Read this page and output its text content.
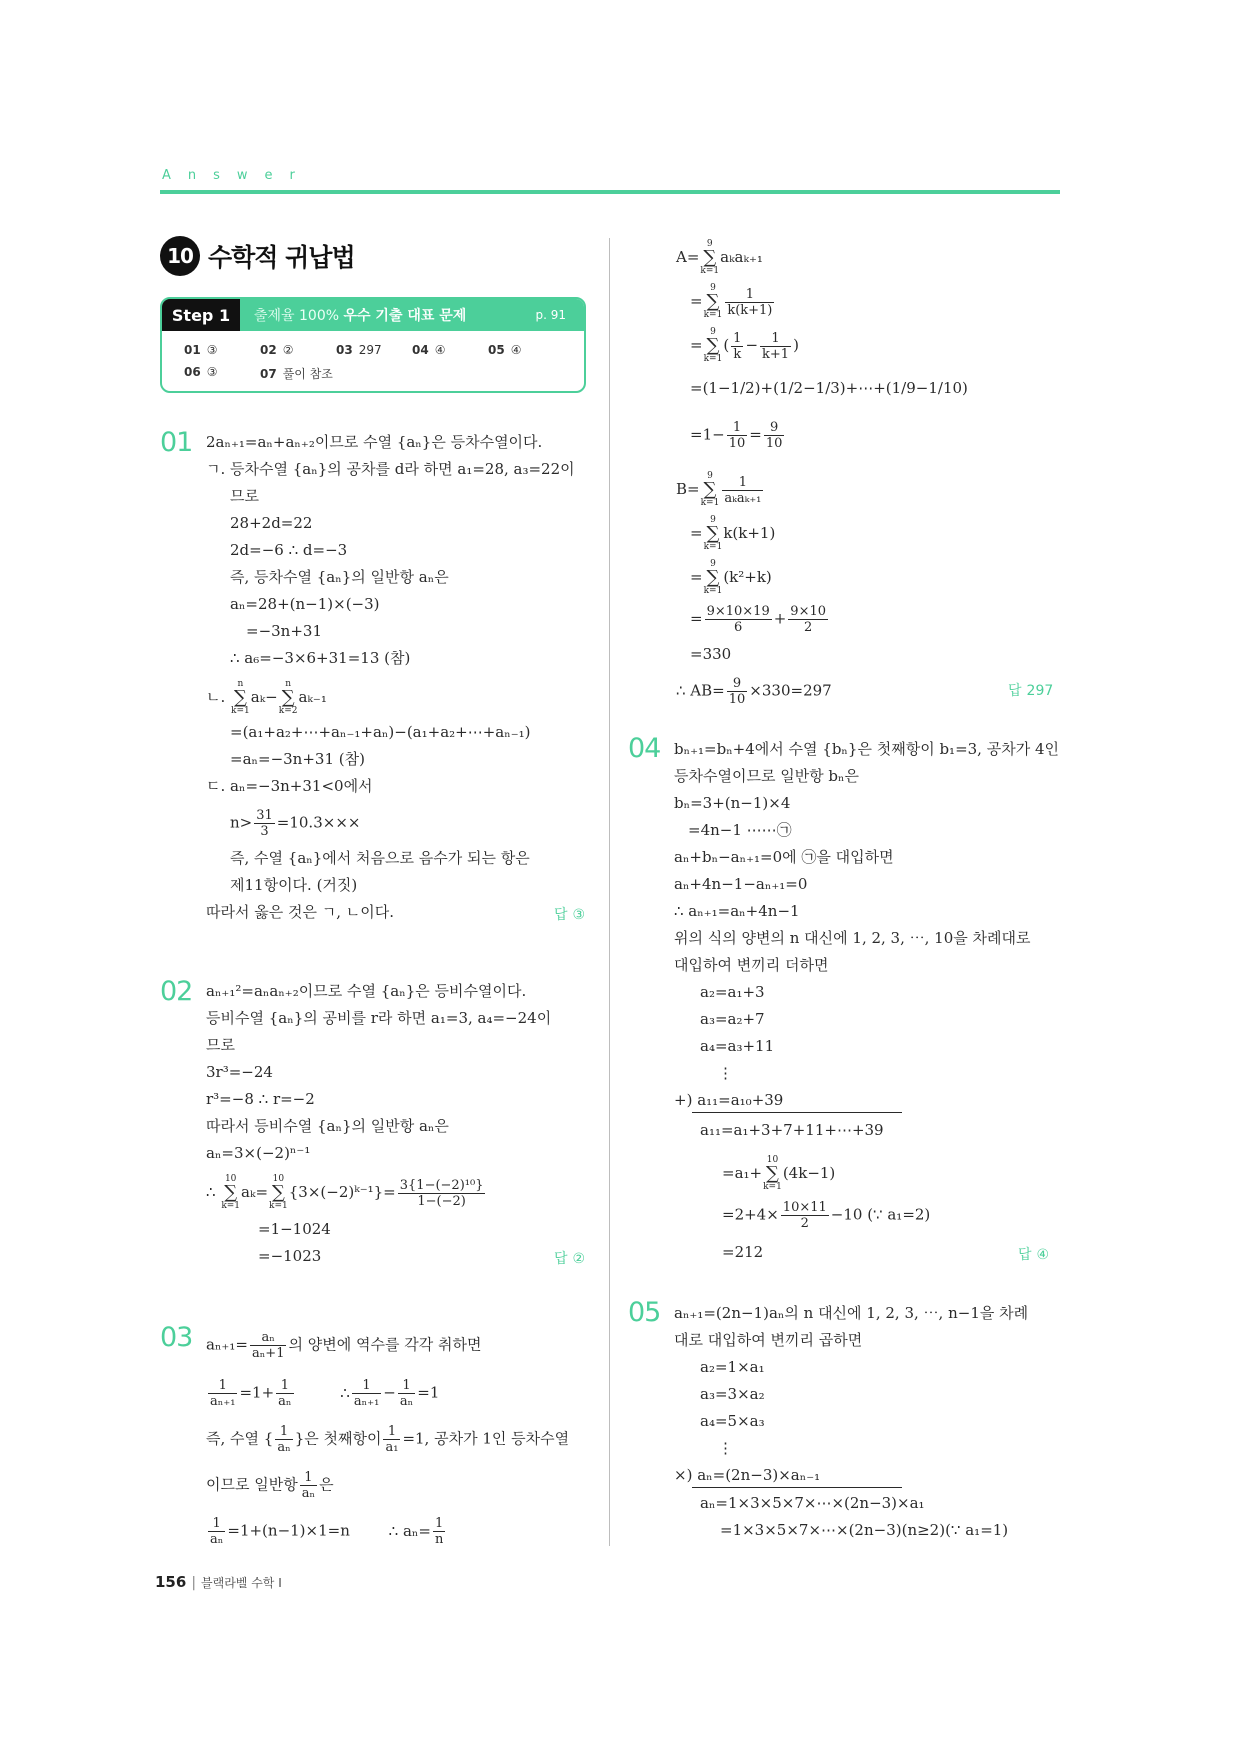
Answer
10 수학적 귀납법
Step 1	출제율 100% 우수 기출 대표 문제	p. 91
01 ③	02 ②	03 297	04 ④	05 ④
06 ③	07 풀이 참조
01 2aₙ₊₁=aₙ+aₙ₊₂이므로 수열 {aₙ}은 등차수열이다.
ㄱ. 등차수열 {aₙ}의 공차를 d라 하면 a₁=28, a₃=22이
므로
28+2d=22
2d=−6 ∴ d=−3
즉, 등차수열 {aₙ}의 일반항 aₙ은
aₙ=28+(n−1)×(−3)
=−3n+31
∴ a₆=−3×6+31=13 (참)
ㄴ.
n
∑
k=1
aₖ−
n
∑
k=2
aₖ₋₁
=(a₁+a₂+⋯+aₙ₋₁+aₙ)−(a₁+a₂+⋯+aₙ₋₁)
=aₙ=−3n+31 (참)
ㄷ. aₙ=−3n+31<0에서
$n> \frac{31}{3} =10.3\times\times\times$
즉, 수열 {aₙ}에서 처음으로 음수가 되는 항은
제11항이다. (거짓)
따라서 옳은 것은 ㄱ, ㄴ이다.	답 ③
02 aₙ₊₁²=aₙaₙ₊₂이므로 수열 {aₙ}은 등비수열이다.
등비수열 {aₙ}의 공비를 r라 하면 a₁=3, a₄=−24이
므로
3r³=−24
r³=−8 ∴ r=−2
따라서 등비수열 {aₙ}의 일반항 aₙ은
aₙ=3×(−2)ⁿ⁻¹
∴
10
∑
k=1
aₖ=
10
∑
k=1
{3×(−2)ᵏ⁻¹}= $\frac{\text{3\{1−(−2)¹⁰\}}}{1-(-2)}$
=1−1024
=−1023	답 ②
03 $a_{n+1}= \frac{\text{aₙ}}{\text{aₙ+1}}$ 의 양변에 역수를 각각 취하면
$\frac{1}{\text{aₙ₊₁}} =1+ \frac{1}{\text{aₙ}}$	∴ $\frac{1}{\text{aₙ₊₁}} - \frac{1}{\text{aₙ}} =1$
즉, 수열 { $\frac{1}{\text{aₙ}}$ }은 첫째항이 $\frac{1}{\text{a₁}} =1$, 공차가 1인 등차수열
이므로 일반항 $\frac{1}{\text{aₙ}}$ 은
$\frac{1}{\text{aₙ}} =1+(n-1)\times 1=n$	∴ $a_n= \frac{1}{n}$
A=
9
∑
k=1
aₖaₖ₊₁
=
9
∑
$k=1 \frac{1}{k(k+1)}$
=
9
∑
k=1
( $\frac{1}{k} - \frac{1}{k+1}$ )
=(1−1/2)+(1/2−1/3)+⋯+(1/9−1/10)
$=1- \frac{1}{10} = \frac{9}{10}$
B=
9
∑
$k=1 \frac{1}{\text{aₖaₖ₊₁}}$
=
9
∑
k=1
k(k+1)
=
9
∑
k=1
(k²+k)
= $\frac{9\times 10\times 19}{6} + \frac{9\times 10}{2}$
=330
∴ $AB= \frac{9}{10} \times 330=297$	답 297
04 bₙ₊₁=bₙ+4에서 수열 {bₙ}은 첫째항이 b₁=3, 공차가 4인
등차수열이므로 일반항 bₙ은
bₙ=3+(n−1)×4
=4n−1 ⋯⋯㉠
aₙ+bₙ−aₙ₊₁=0에 ㉠을 대입하면
aₙ+4n−1−aₙ₊₁=0
∴ aₙ₊₁=aₙ+4n−1
위의 식의 양변의 n 대신에 1, 2, 3, ⋯, 10을 차례대로
대입하여 변끼리 더하면
a₂=a₁+3
a₃=a₂+7
a₄=a₃+11
⋮
+) a₁₁=a₁₀+39
a₁₁=a₁+3+7+11+⋯+39
=a₁+
10
∑
k=1
(4k−1)
$=2+4\times \frac{10\times 11}{2} -10$ (∵ a₁=2)
=212	답 ④
05 aₙ₊₁=(2n−1)aₙ의 n 대신에 1, 2, 3, ⋯, n−1을 차례
대로 대입하여 변끼리 곱하면
a₂=1×a₁
a₃=3×a₂
a₄=5×a₃
⋮
×) aₙ=(2n−3)×aₙ₋₁
aₙ=1×3×5×7×⋯×(2n−3)×a₁
=1×3×5×7×⋯×(2n−3)(n≥2)(∵ a₁=1)
156 | 블랙라벨 수학 I
